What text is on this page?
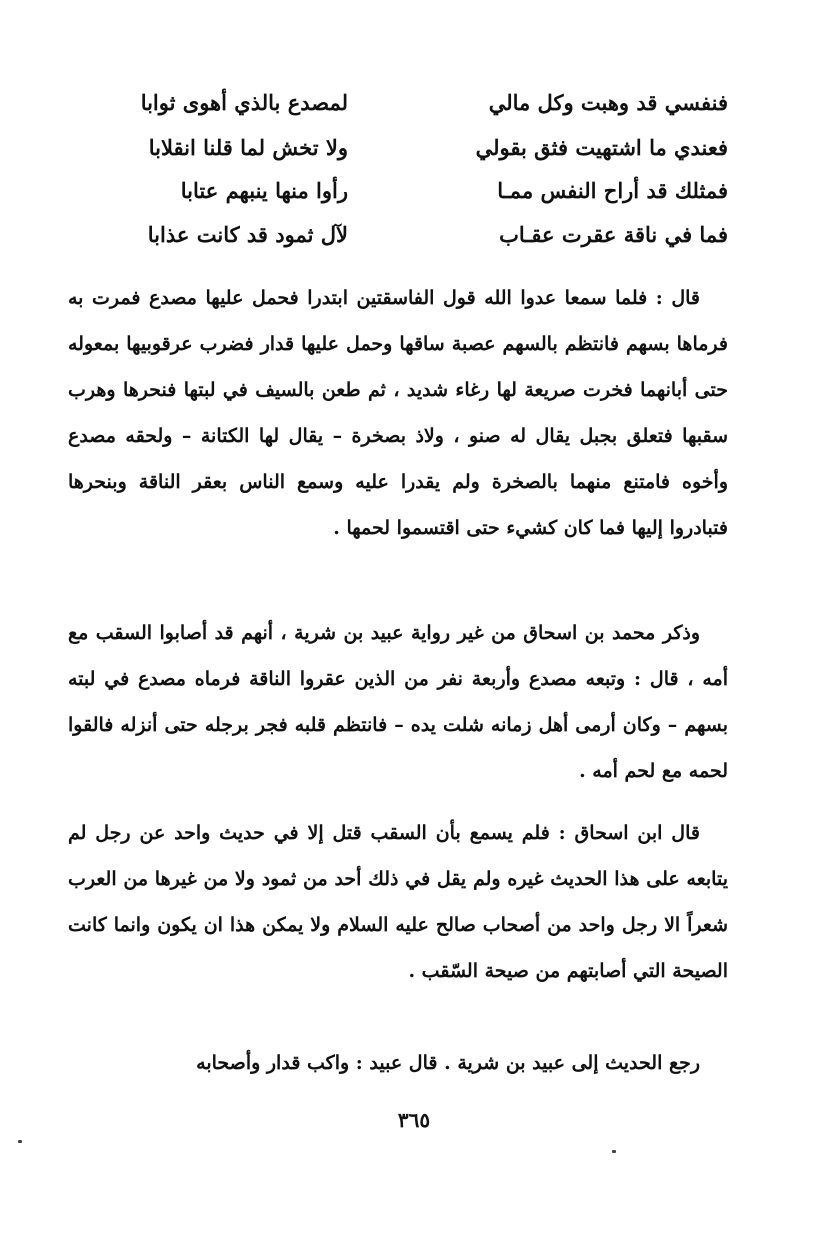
فنفسي قد وهبت وكل مالي
لمصدع بالذي أهوى ثوابا
فعندي ما اشتهيت فثق بقولي
ولا تخش لما قلنا انقلابا
فمثلك قد أراح النفس ممـا
رأوا منها ينبهم عتابا
فما في ناقة عقرت عقـاب
لآل ثمود قد كانت عذابا

قال : فلما سمعا عدوا الله قول الفاسقتين ابتدرا فحمل عليها مصدع فمرت به فرماها بسهم فانتظم بالسهم عصبة ساقها وحمل عليها قدار فضرب عرقوبيها بمعوله حتى أبانهما فخرت صريعة لها رغاء شديد ، ثم طعن بالسيف في لبتها فنحرها وهرب سقبها فتعلق بجبل يقال له صنو ، ولاذ بصخرة – يقال لها الكتانة – ولحقه مصدع وأخوه فامتنع منهما بالصخرة ولم يقدرا عليه وسمع الناس بعقر الناقة وبنحرها فتبادروا إليها فما كان كشيء حتى اقتسموا لحمها .

وذكر محمد بن اسحاق من غير رواية عبيد بن شرية ، أنهم قد أصابوا السقب مع أمه ، قال : وتبعه مصدع وأربعة نفر من الذين عقروا الناقة فرماه مصدع في لبته بسهم – وكان أرمى أهل زمانه شلت يده – فانتظم قلبه فجر برجله حتى أنزله فالقوا لحمه مع لحم أمه .

قال ابن اسحاق : فلم يسمع بأن السقب قتل إلا في حديث واحد عن رجل لم يتابعه على هذا الحديث غيره ولم يقل في ذلك أحد من ثمود ولا من غيرها من العرب شعراً الا رجل واحد من أصحاب صالح عليه السلام ولا يمكن هذا ان يكون وانما كانت الصيحة التي أصابتهم من صيحة السّقب .

رجع الحديث إلى عبيد بن شرية . قال عبيد : واكب قدار وأصحابه

٣٦٥
